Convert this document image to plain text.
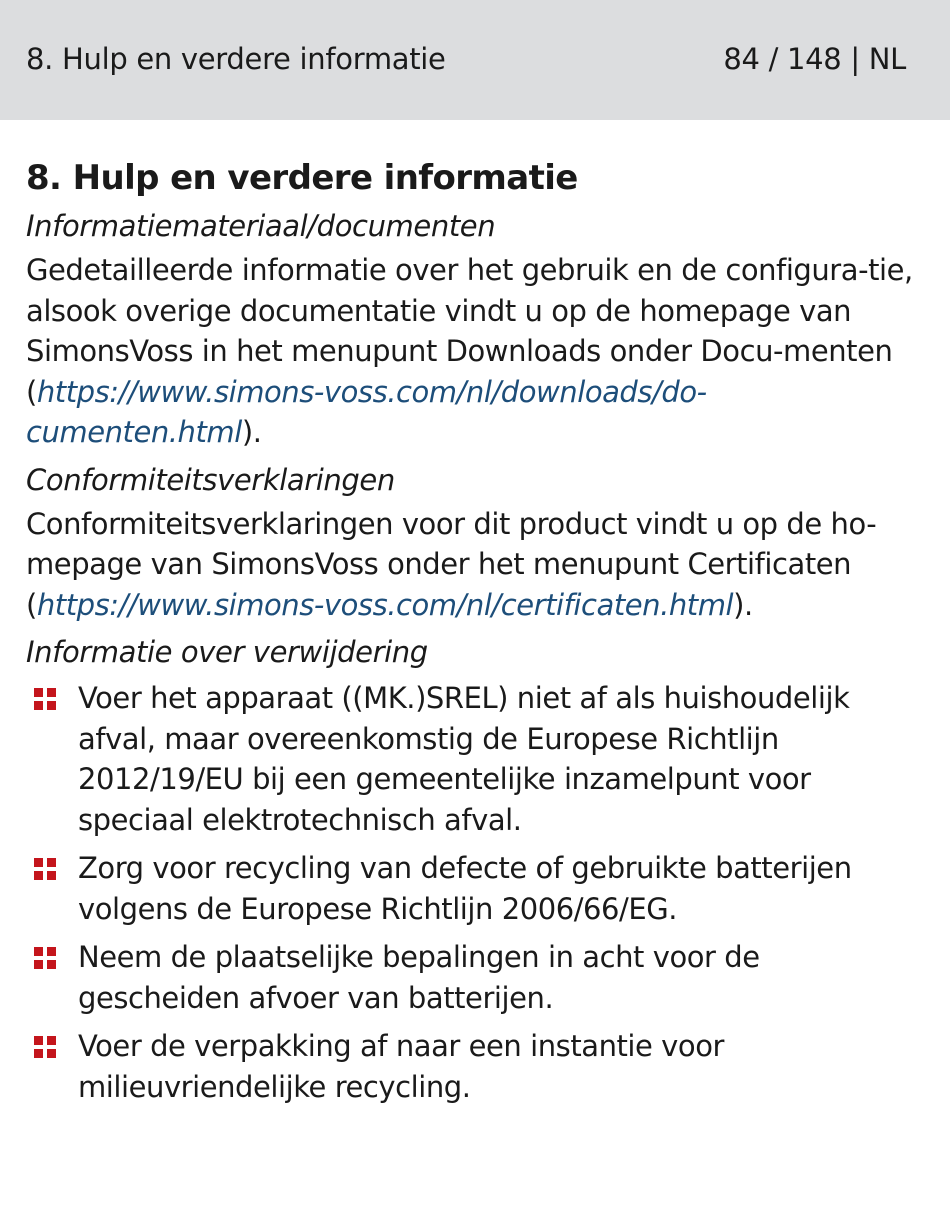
8. Hulp en verdere informatie	84 / 148 | NL
8. Hulp en verdere informatie
Informatiemateriaal/documenten

Gedetailleerde informatie over het gebruik en de configura-tie, alsook overige documentatie vindt u op de homepage van SimonsVoss in het menupunt Downloads onder Docu-menten (https://www.simons-voss.com/nl/downloads/do-cumenten.html).

Conformiteitsverklaringen

Conformiteitsverklaringen voor dit product vindt u op de ho-mepage van SimonsVoss onder het menupunt Certificaten (https://www.simons-voss.com/nl/certificaten.html).

Informatie over verwijdering
Voer het apparaat ((MK.)SREL) niet af als huishoudelijk afval, maar overeenkomstig de Europese Richtlijn 2012/19/EU bij een gemeentelijke inzamelpunt voor speciaal elektrotechnisch afval.
Zorg voor recycling van defecte of gebruikte batterijen volgens de Europese Richtlijn 2006/66/EG.
Neem de plaatselijke bepalingen in acht voor de gescheiden afvoer van batterijen.
Voer de verpakking af naar een instantie voor milieuvriendelijke recycling.
